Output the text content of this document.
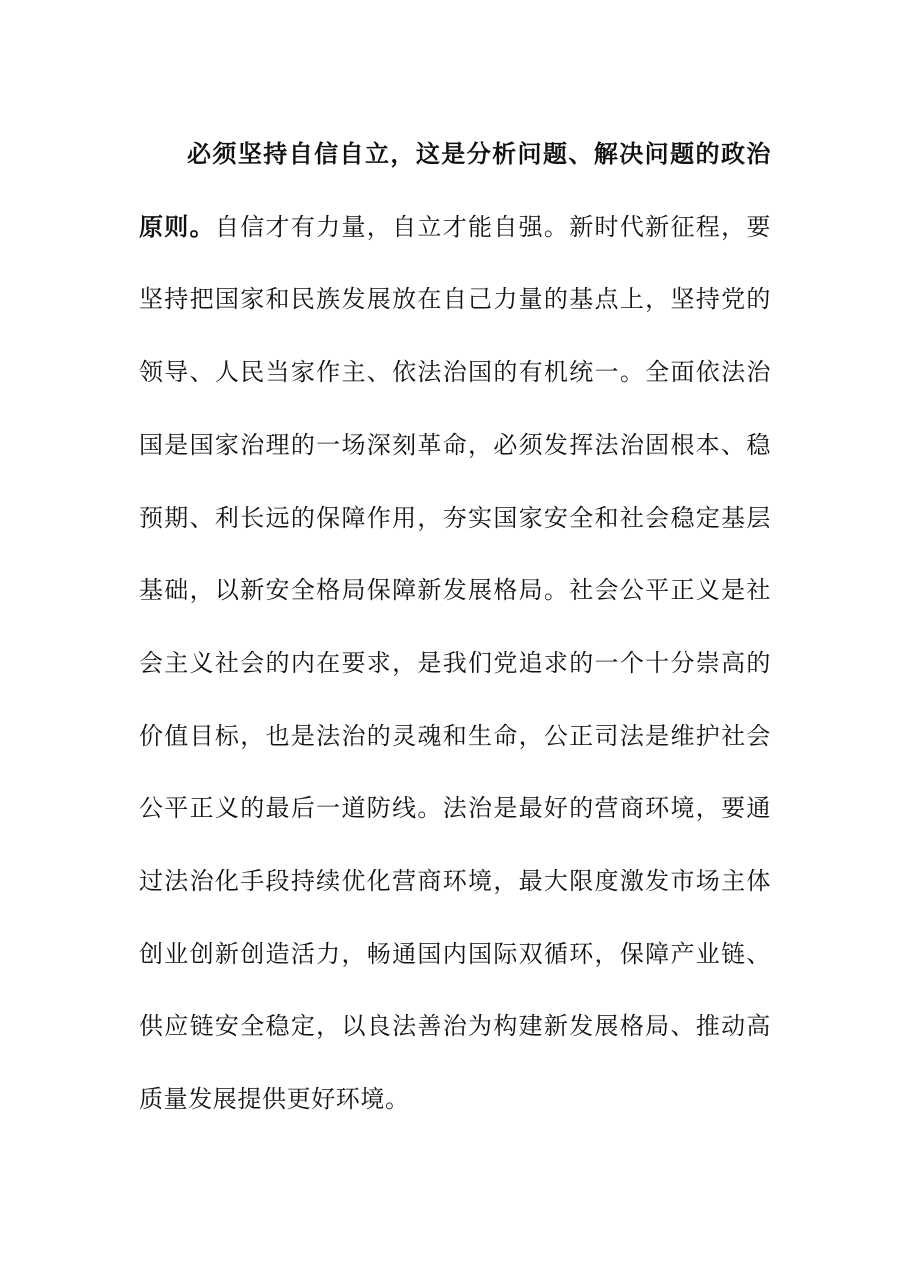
必须坚持自信自立，这是分析问题、解决问题的政治原则。自信才有力量，自立才能自强。新时代新征程，要坚持把国家和民族发展放在自己力量的基点上，坚持党的领导、人民当家作主、依法治国的有机统一。全面依法治国是国家治理的一场深刻革命，必须发挥法治固根本、稳预期、利长远的保障作用，夯实国家安全和社会稳定基层基础，以新安全格局保障新发展格局。社会公平正义是社会主义社会的内在要求，是我们党追求的一个十分崇高的价值目标，也是法治的灵魂和生命，公正司法是维护社会公平正义的最后一道防线。法治是最好的营商环境，要通过法治化手段持续优化营商环境，最大限度激发市场主体创业创新创造活力，畅通国内国际双循环，保障产业链、供应链安全稳定，以良法善治为构建新发展格局、推动高质量发展提供更好环境。
